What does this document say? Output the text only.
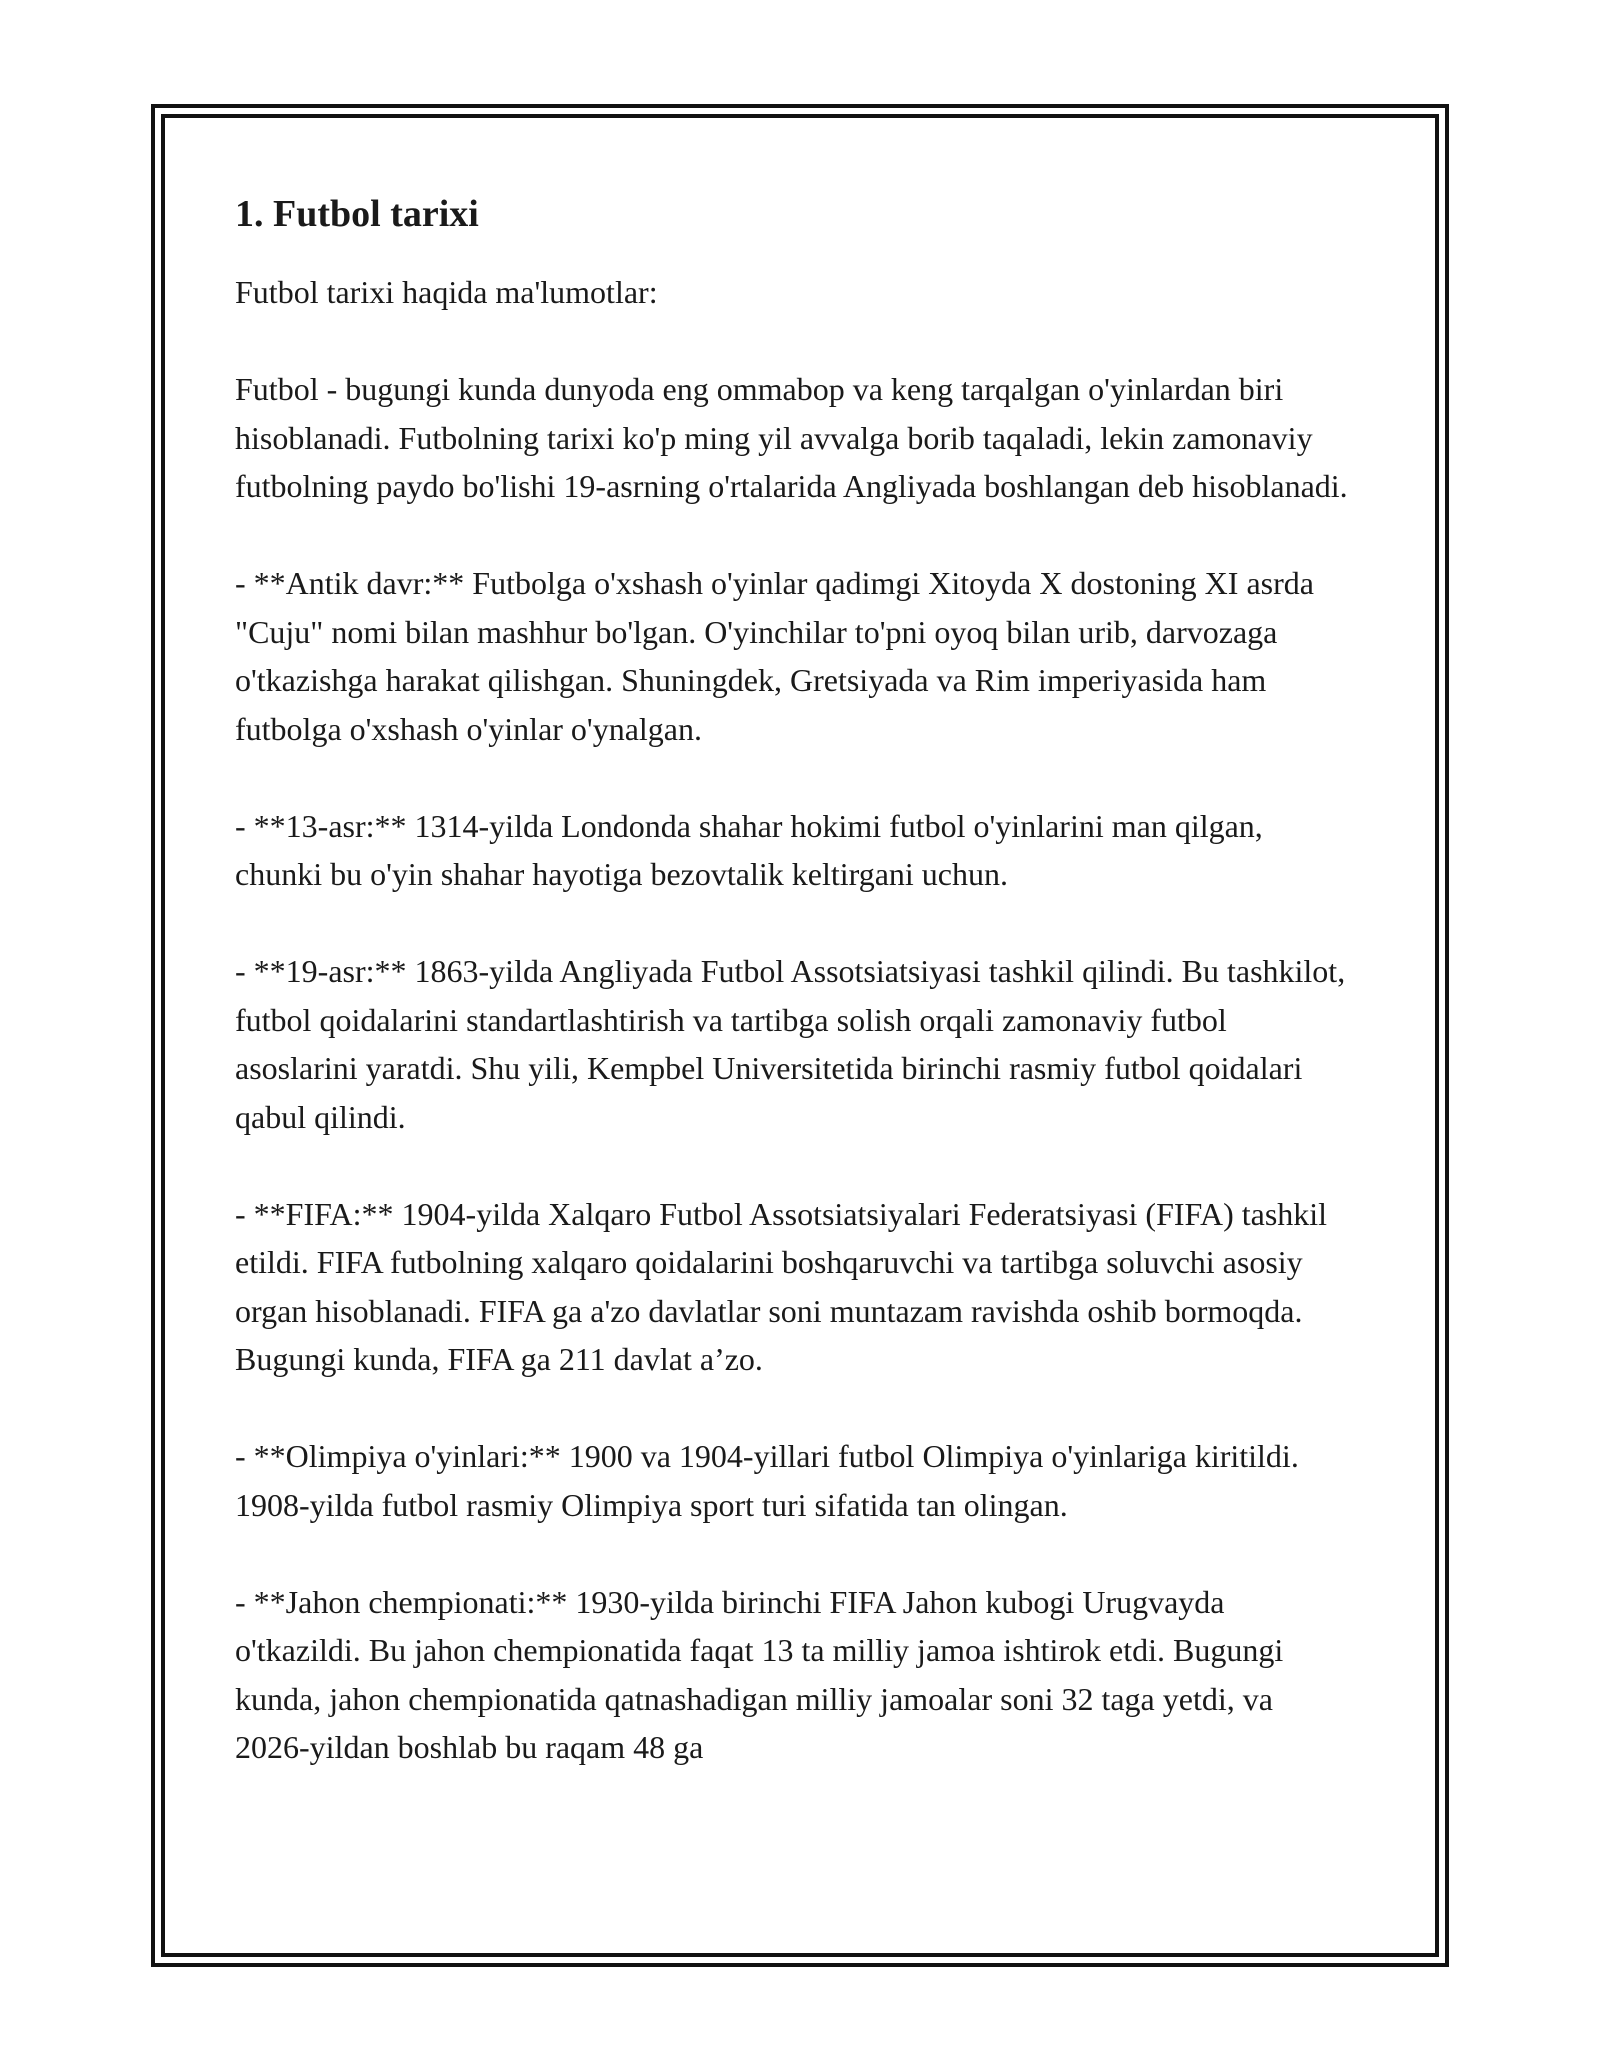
1. Futbol tarixi

Futbol tarixi haqida ma'lumotlar:

Futbol - bugungi kunda dunyoda eng ommabop va keng tarqalgan o'yinlardan biri hisoblanadi. Futbolning tarixi ko'p ming yil avvalga borib taqaladi, lekin zamonaviy futbolning paydo bo'lishi 19-asrning o'rtalarida Angliyada boshlangan deb hisoblanadi.

- **Antik davr:** Futbolga o'xshash o'yinlar qadimgi Xitoyda X dostoning XI asrda "Cuju" nomi bilan mashhur bo'lgan. O'yinchilar to'pni oyoq bilan urib, darvozaga o'tkazishga harakat qilishgan. Shuningdek, Gretsiyada va Rim imperiyasida ham futbolga o'xshash o'yinlar o'ynalgan.

- **13-asr:** 1314-yilda Londonda shahar hokimi futbol o'yinlarini man qilgan, chunki bu o'yin shahar hayotiga bezovtalik keltirgani uchun.

- **19-asr:** 1863-yilda Angliyada Futbol Assotsiatsiyasi tashkil qilindi. Bu tashkilot, futbol qoidalarini standartlashtirish va tartibga solish orqali zamonaviy futbol asoslarini yaratdi. Shu yili, Kempbel Universitetida birinchi rasmiy futbol qoidalari qabul qilindi.

- **FIFA:** 1904-yilda Xalqaro Futbol Assotsiatsiyalari Federatsiyasi (FIFA) tashkil etildi. FIFA futbolning xalqaro qoidalarini boshqaruvchi va tartibga soluvchi asosiy organ hisoblanadi. FIFA ga a'zo davlatlar soni muntazam ravishda oshib bormoqda. Bugungi kunda, FIFA ga 211 davlat a’zo.

- **Olimpiya o'yinlari:** 1900 va 1904-yillari futbol Olimpiya o'yinlariga kiritildi. 1908-yilda futbol rasmiy Olimpiya sport turi sifatida tan olingan.

- **Jahon chempionati:** 1930-yilda birinchi FIFA Jahon kubogi Urugvayda o'tkazildi. Bu jahon chempionatida faqat 13 ta milliy jamoa ishtirok etdi. Bugungi kunda, jahon chempionatida qatnashadigan milliy jamoalar soni 32 taga yetdi, va 2026-yildan boshlab bu raqam 48 ga
